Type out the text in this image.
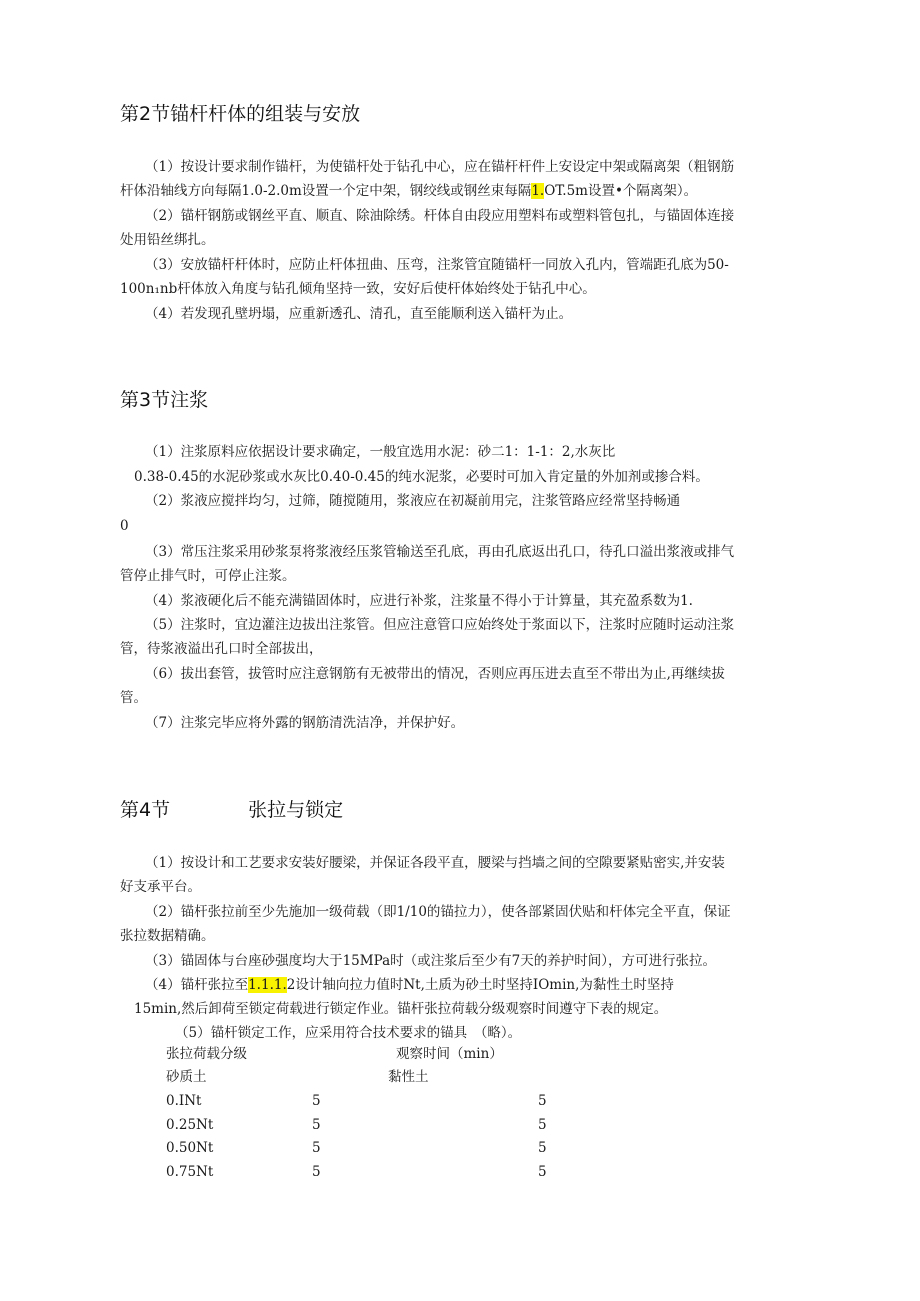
第2节锚杆杆体的组装与安放
（1）按设计要求制作锚杆，为使锚杆处于钻孔中心，应在锚杆杆件上安设定中架或隔离架（粗钢筋
杆体沿轴线方向每隔1.0-2.0m设置一个定中架，钢绞线或钢丝束每隔1.OT.5m设置•个隔离架）。
（2）锚杆钢筋或钢丝平直、顺直、除油除绣。杆体自由段应用塑料布或塑料管包扎，与锚固体连接
处用铅丝绑扎。
（3）安放锚杆杆体时，应防止杆体扭曲、压弯，注浆管宜随锚杆一同放入孔内，管端距孔底为50-
100n₁nb杆体放入角度与钻孔倾角坚持一致，安好后使杆体始终处于钻孔中心。
（4）若发现孔壁坍塌，应重新透孔、清孔，直至能顺利送入锚杆为止。
第3节注浆
（1）注浆原料应依据设计要求确定，一般宜选用水泥：砂二1：1-1：2,水灰比
0.38-0.45的水泥砂浆或水灰比0.40-0.45的纯水泥浆，必要时可加入肯定量的外加剂或掺合料。
（2）浆液应搅拌均匀，过筛，随搅随用，浆液应在初凝前用完，注浆管路应经常坚持畅通
0
（3）常压注浆采用砂浆泵将浆液经压浆管输送至孔底，再由孔底返出孔口，待孔口溢出浆液或排气
管停止排气时，可停止注浆。
（4）浆液硬化后不能充满锚固体时，应进行补浆，注浆量不得小于计算量，其充盈系数为1.
（5）注浆时，宜边灌注边拔出注浆管。但应注意管口应始终处于浆面以下，注浆时应随时运动注浆
管，待浆液溢出孔口时全部拔出，
（6）拔出套管，拔管时应注意钢筋有无被带出的情况，否则应再压进去直至不带出为止,再继续拔
管。
（7）注浆完毕应将外露的钢筋清洗洁净，并保护好。
第4节	张拉与锁定
（1）按设计和工艺要求安装好腰梁，并保证各段平直，腰梁与挡墙之间的空隙要紧贴密实,并安装
好支承平台。
（2）锚杆张拉前至少先施加一级荷载（即1/10的锚拉力），使各部紧固伏贴和杆体完全平直，保证
张拉数据精确。
（3）锚固体与台座砂强度均大于15MPa时（或注浆后至少有7天的养护时间），方可进行张拉。
（4）锚杆张拉至1.1.1.2设计轴向拉力值时Nt,土质为砂土时坚持IOmin,为黏性土时坚持
15min,然后卸荷至锁定荷载进行锁定作业。锚杆张拉荷载分级观察时间遵守下表的规定。
（5）锚杆锁定工作，应采用符合技术要求的锚具　（略）。
张拉荷载分级	观察时间（min）
砂质土	黏性土
0.INt	5	5
0.25Nt	5	5
0.50Nt	5	5
0.75Nt	5	5
